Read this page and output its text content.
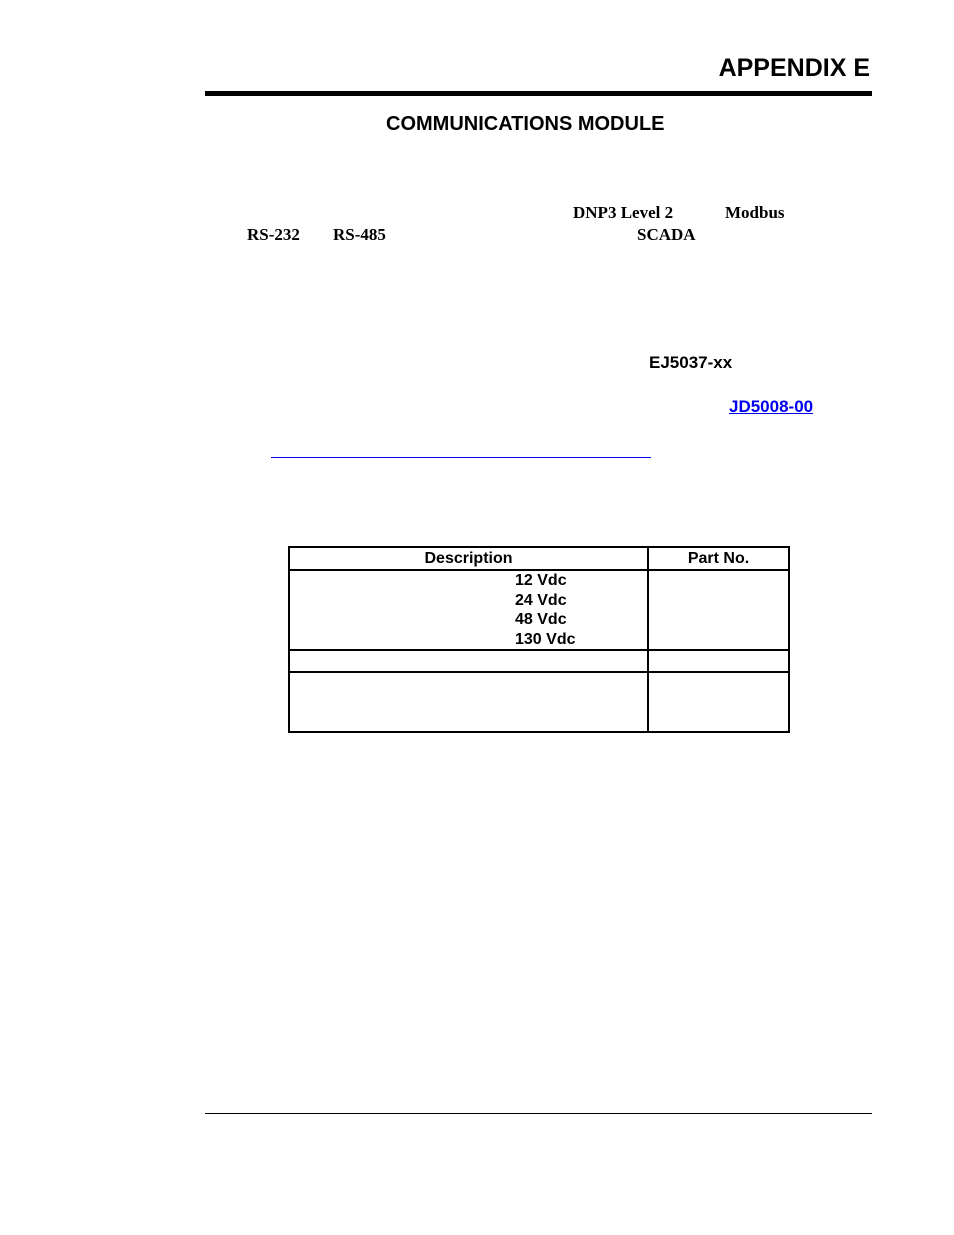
APPENDIX E
COMMUNICATIONS MODULE
DNP3 Level 2	Modbus
RS-232 RS-485	SCADA
EJ5037-xx
JD5008-00
Description	Part No.

12 Vdc
24 Vdc
48 Vdc
130 Vdc	
